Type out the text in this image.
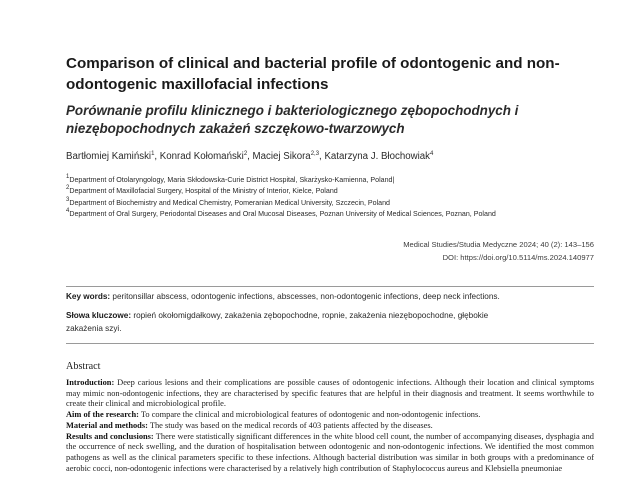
Comparison of clinical and bacterial profile of odontogenic and non-odontogenic maxillofacial infections
Porównanie profilu klinicznego i bakteriologicznego zębopochodnych i niezębopochodnych zakażeń szczękowo-twarzowych
Bartłomiej Kamiński$^1$, Konrad Kołomański$^2$, Maciej Sikora$^{2,3}$, Katarzyna J. Błochowiak$^4$
$^1$Department of Otolaryngology, Maria Skłodowska-Curie District Hospital, Skarżysko-Kamienna, Poland|
$^2$Department of Maxillofacial Surgery, Hospital of the Ministry of Interior, Kielce, Poland
$^3$Department of Biochemistry and Medical Chemistry, Pomeranian Medical University, Szczecin, Poland
$^4$Department of Oral Surgery, Periodontal Diseases and Oral Mucosal Diseases, Poznan University of Medical Sciences, Poznan, Poland
Medical Studies/Studia Medyczne 2024; 40 (2): 143–156
DOI: https://doi.org/10.5114/ms.2024.140977
Key words: peritonsillar abscess, odontogenic infections, abscesses, non-odontogenic infections, deep neck infections.
Słowa kluczowe: ropień okołomigdałkowy, zakażenia zębopochodne, ropnie, zakażenia niezębopochodne, głębokie
zakażenia szyi.
Abstract

Introduction: Deep carious lesions and their complications are possible causes of odontogenic infections. Although their location and clinical symptoms may mimic non-odontogenic infections, they are characterised by specific features that are helpful in their diagnosis and treatment. It seems worthwhile to create their clinical and microbiological profile.

Aim of the research: To compare the clinical and microbiological features of odontogenic and non-odontogenic infections.

Material and methods: The study was based on the medical records of 403 patients affected by the diseases.

Results and conclusions: There were statistically significant differences in the white blood cell count, the number of accompanying diseases, dysphagia and the occurrence of neck swelling, and the duration of hospitalisation between odontogenic and non-odontogenic infections. We identified the most common pathogens as well as the clinical parameters specific to these infections. Although bacterial distribution was similar in both groups with a predominance of aerobic cocci, non-odontogenic infections were characterised by a relatively high contribution of Staphylococcus aureus and Klebsiella pneumoniae
